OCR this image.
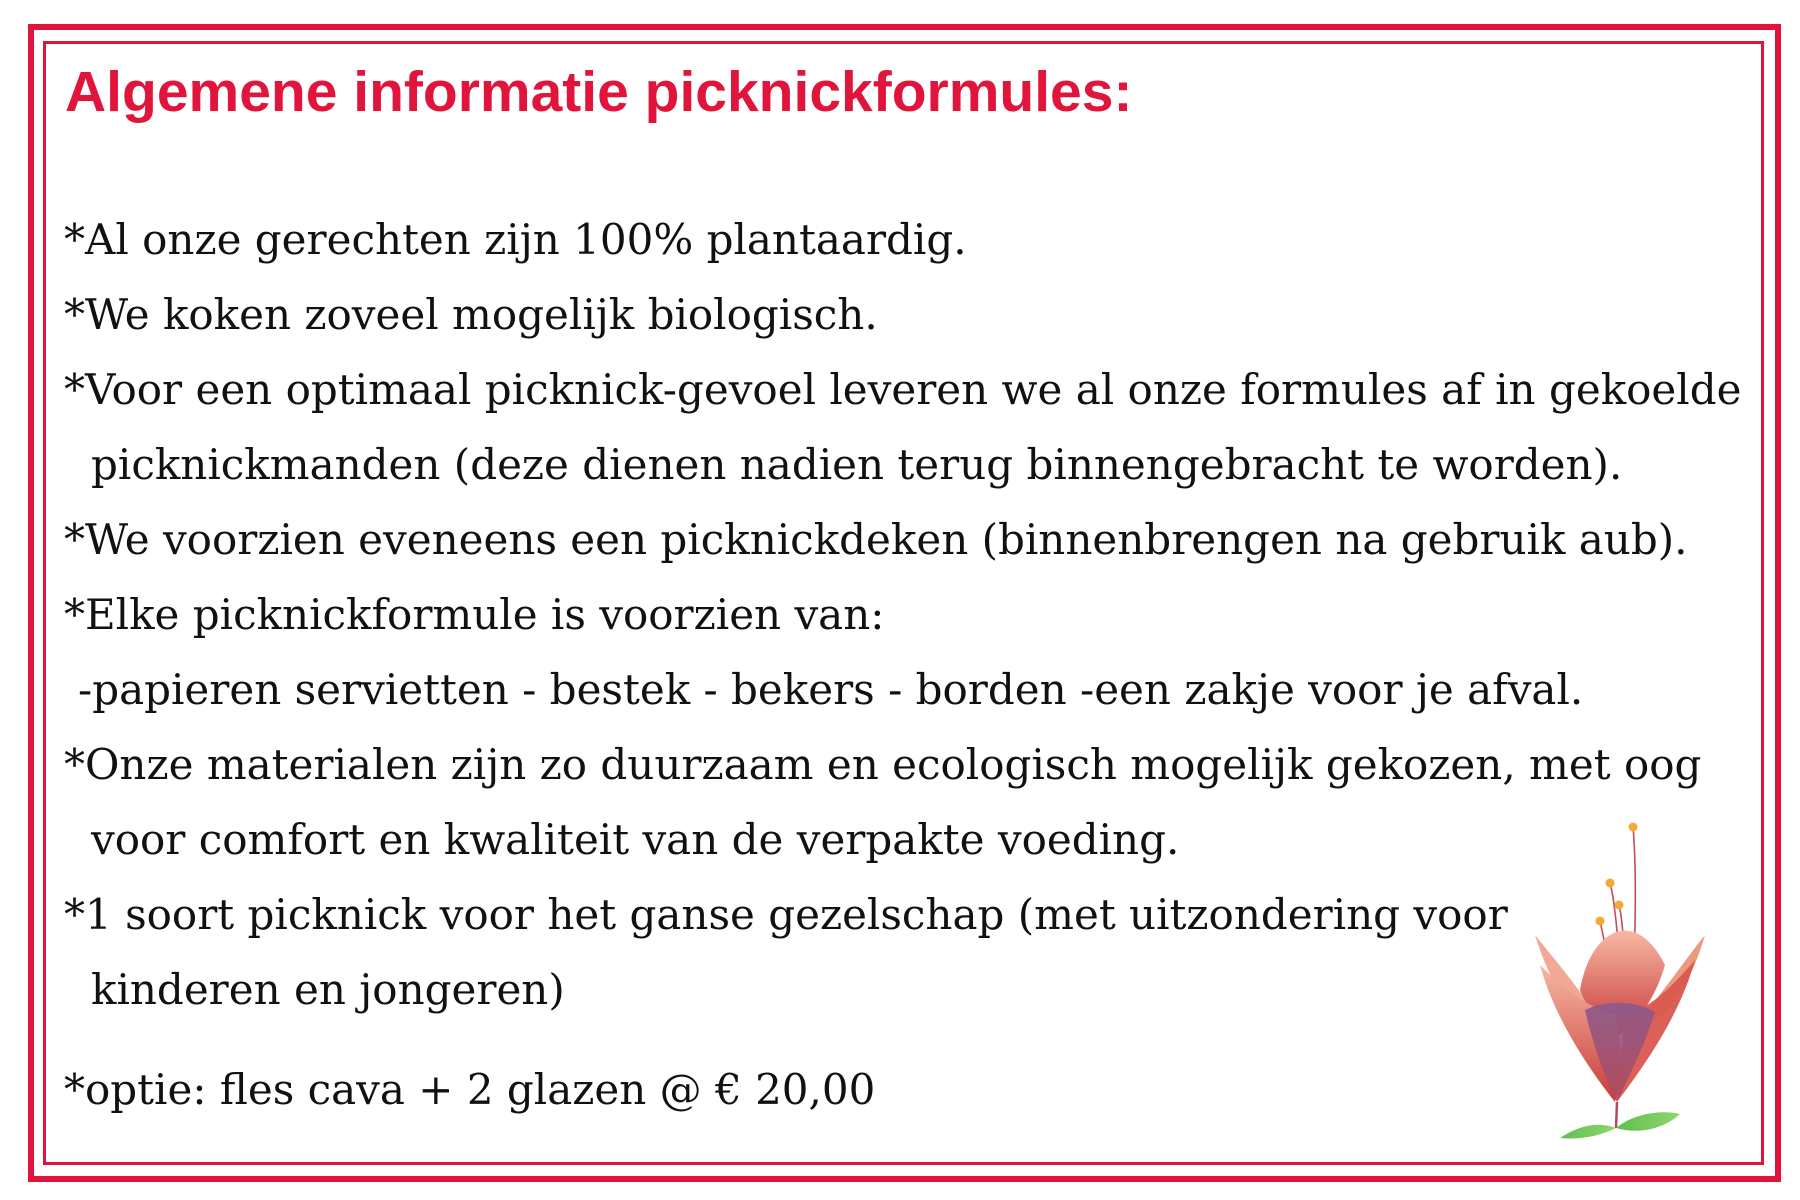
Algemene informatie picknickformules:
*Al onze gerechten zijn 100% plantaardig.
*We koken zoveel mogelijk biologisch.
*Voor een optimaal picknick-gevoel leveren we al onze formules af in gekoelde
picknickmanden (deze dienen nadien terug binnengebracht te worden).
*We voorzien eveneens een picknickdeken (binnenbrengen na gebruik aub).
*Elke picknickformule is voorzien van:
-papieren servietten - bestek - bekers - borden -een zakje voor je afval.
*Onze materialen zijn zo duurzaam en ecologisch mogelijk gekozen, met oog
voor comfort en kwaliteit van de verpakte voeding.
*1 soort picknick voor het ganse gezelschap (met uitzondering voor
kinderen en jongeren)
*optie: fles cava + 2 glazen @ € 20,00
